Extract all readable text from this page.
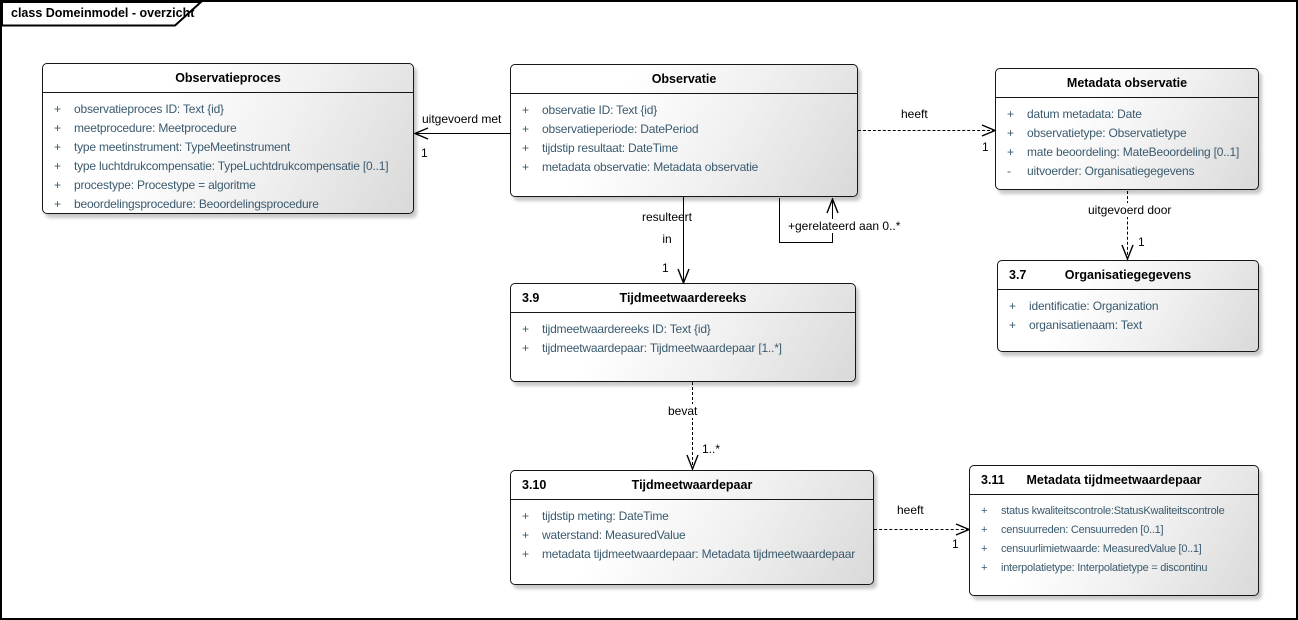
class Domeinmodel - overzicht
Observatieproces
+	observatieproces ID: Text {id}
+	meetprocedure: Meetprocedure
+	type meetinstrument: TypeMeetinstrument
+	type luchtdrukcompensatie: TypeLuchtdrukcompensatie [0..1]
+	procestype: Procestype = algoritme
+	beoordelingsprocedure: Beoordelingsprocedure
Observatie
+	observatie ID: Text {id}
+	observatieperiode: DatePeriod
+	tijdstip resultaat: DateTime
+	metadata observatie: Metadata observatie
Metadata observatie
+	datum metadata: Date
+	observatietype: Observatietype
+	mate beoordeling: MateBeoordeling [0..1]
-	uitvoerder: Organisatiegegevens
3.9	Tijdmeetwaardereeks
+	tijdmeetwaardereeks ID: Text {id}
+	tijdmeetwaardepaar: Tijdmeetwaardepaar [1..*]
3.7	Organisatiegegevens
+	identificatie: Organization
+	organisatienaam: Text
3.10	Tijdmeetwaardepaar
+	tijdstip meting: DateTime
+	waterstand: MeasuredValue
+	metadata tijdmeetwaardepaar: Metadata tijdmeetwaardepaar
3.11 Metadata tijdmeetwaardepaar
+	status kwaliteitscontrole:StatusKwaliteitscontrole
+	censuurreden: Censuurreden [0..1]
+	censuurlimietwaarde: MeasuredValue [0..1]
+	interpolatietype: Interpolatietype = discontinu
uitgevoerd met
1
heeft
1
resulteert
in
1
+gerelateerd aan 0..*
uitgevoerd door
1
bevat
1..*
heeft
1
